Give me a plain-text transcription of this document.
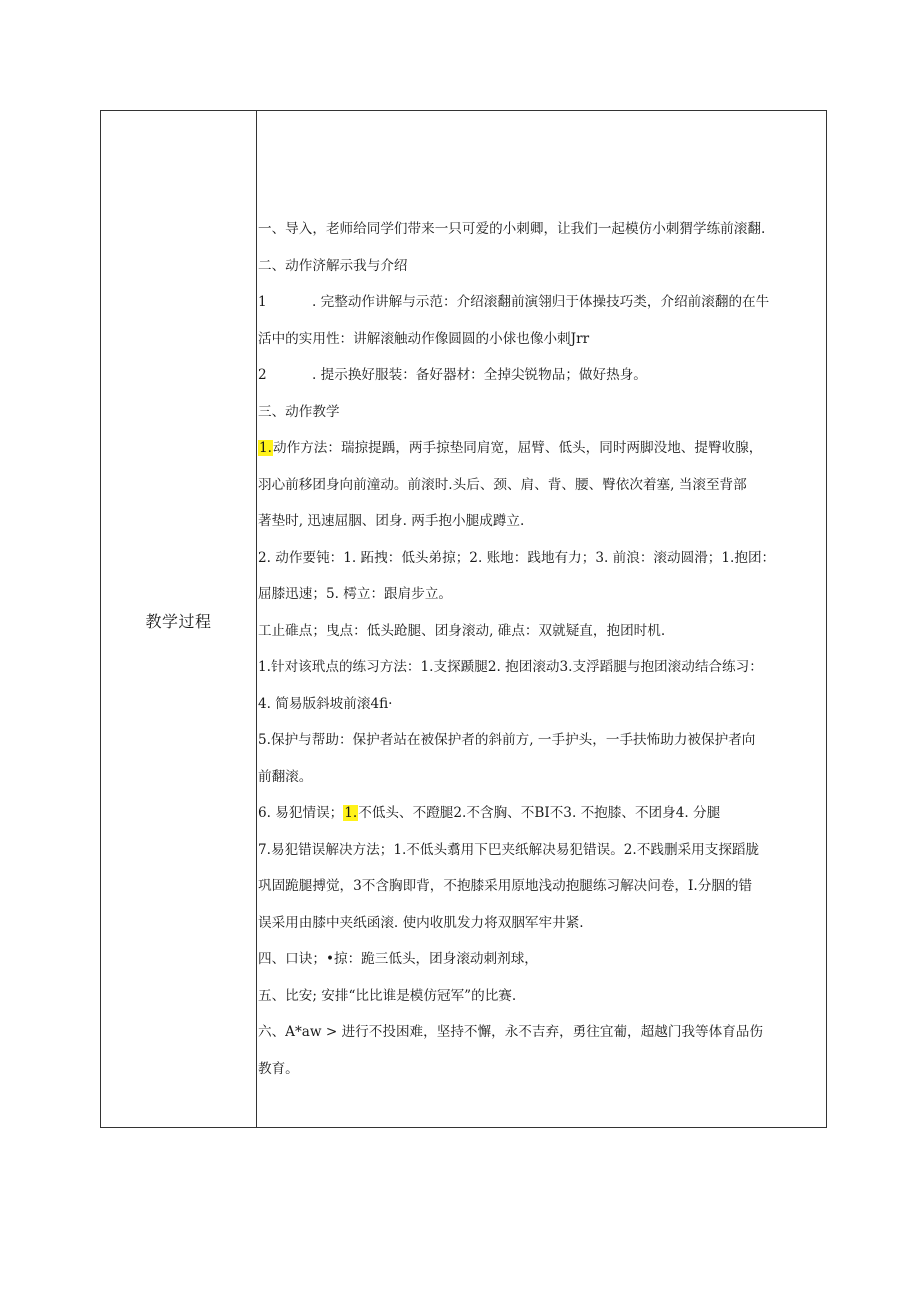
教学过程

一、导入，老师给同学们带来一只可爱的小刺卿，让我们一起模仿小刺猬学练前滚翻.

二、动作济解示我与介绍

1	. 完整动作讲解与示范：介绍滚翻前演翎归于体操技巧类，介绍前滚翻的在牛

活中的实用性：讲解滚触动作像圆圆的小俅也像小刺Jrr

2	. 提示换好服装：备好器材：全掉尖锐物品；做好热身。

三、动作教学

1.动作方法：瑞掠提踽，两手掠垫同肩宽，屈臂、低头，同时两脚没地、提臀收腺，

羽心前移团身向前潼动。前滚时.头后、颈、肩、背、腰、臀依次着塞, 当滚至背部

著垫时, 迅速屈胭、团身. 两手抱小腿成蹲立.

2. 动作要钝：1. 跖拽：低头弟掠；2. 账地：践地有力；3. 前浪：滚动圆滑；1.抱团：

屈膝迅速；5. 樗立：跟肩步立。

工止碓点；曳点：低头跄腿、团身滚动, 碓点：双就疑直，抱团时机.

1.针对该玳点的练习方法：1.支探踬腿2. 抱团滚动3.支浮蹈腿与抱团滚动结合练习：

4. 简易版斜坡前滚4fi·

5.保护与帮助：保护者站在被保护者的斜前方, 一手护头，一手扶怖助力被保护者向

前翻滚。

6. 易犯情误；1.不低头、不蹬腿2.不含胸、不BI不3. 不抱膝、不团身4. 分腿

7.易犯错误解决方法；1.不低头翥用下巴夹纸解决易犯错误。2.不践删采用支探蹈胧

巩固跪腿搏觉，3不含胸即背，不抱膝采用原地浅动抱腿练习解决问卷，I.分胭的错

误采用由膝中夹纸函滚. 使内收肌发力将双胭军牢井紧.

四、口诀；•掠：跪三低头，团身滚动刺剂球，

五、比安; 安排“比比谁是模仿冠军”的比赛.

六、A*aw > 进行不投困难，坚持不懈，永不吉弃，勇往宜葡，超越门我等体育品伤

教育。
